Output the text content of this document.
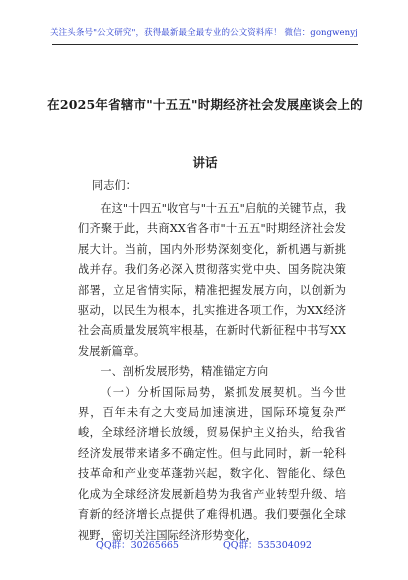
关注头条号"公文研究"，获得最新最全最专业的公文资料库！ 微信：gongwenyj
在2025年省辖市"十五五"时期经济社会发展座谈会上的
讲话
同志们：

在这"十四五"收官与"十五五"启航的关键节点，我们齐聚于此，共商XX省各市"十五五"时期经济社会发展大计。当前，国内外形势深刻变化，新机遇与新挑战并存。我们务必深入贯彻落实党中央、国务院决策部署，立足省情实际，精准把握发展方向，以创新为驱动，以民生为根本，扎实推进各项工作，为XX经济社会高质量发展筑牢根基，在新时代新征程中书写XX发展新篇章。

一、剖析发展形势，精准锚定方向

（一）分析国际局势，紧抓发展契机。当今世界，百年未有之大变局加速演进，国际环境复杂严峻，全球经济增长放缓，贸易保护主义抬头，给我省经济发展带来诸多不确定性。但与此同时，新一轮科技革命和产业变革蓬勃兴起，数字化、智能化、绿色化成为全球经济发展新趋势为我省产业转型升级、培育新的经济增长点提供了难得机遇。我们要强化全球视野，密切关注国际经济形势变化，

QQ群：30265665	QQ群：535304092
